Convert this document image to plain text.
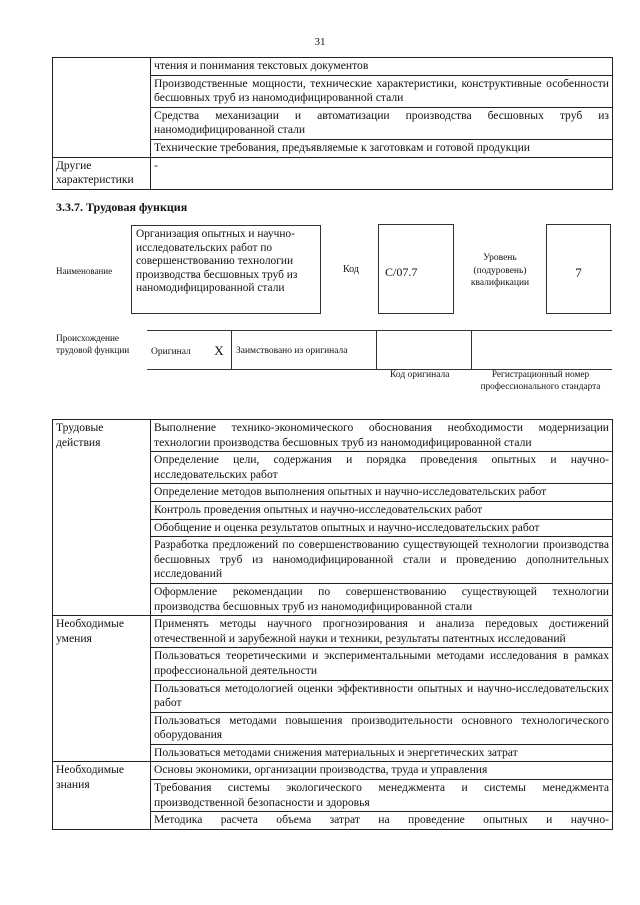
31
	чтения и понимания текстовых документов
	Производственные мощности, технические характеристики, конструктивные особенности бесшовных труб из наномодифицированной стали
	Средства механизации и автоматизации производства бесшовных труб из наномодифицированной стали
	Технические требования, предъявляемые к заготовкам и готовой продукции
Другие характеристики	-
3.3.7. Трудовая функция
Наименование
Организация опытных и научно-исследовательских работ по совершенствованию технологии производства бесшовных труб из наномодифицированной стали
Код	C/07.7
Уровень (подуровень) квалификации
7
Происхождение трудовой функции	Оригинал	X	Заимствовано из оригинала
Код оригинала	Регистрационный номер профессионального стандарта
Трудовые действия	Выполнение технико-экономического обоснования необходимости модернизации технологии производства бесшовных труб из наномодифицированной стали
	Определение цели, содержания и порядка проведения опытных и научно-исследовательских работ
	Определение методов выполнения опытных и научно-исследовательских работ
	Контроль проведения опытных и научно-исследовательских работ
	Обобщение и оценка результатов опытных и научно-исследовательских работ
	Разработка предложений по совершенствованию существующей технологии производства бесшовных труб из наномодифицированной стали и проведению дополнительных исследований
	Оформление рекомендации по совершенствованию существующей технологии производства бесшовных труб из наномодифицированной стали
Необходимые умения	Применять методы научного прогнозирования и анализа передовых достижений отечественной и зарубежной науки и техники, результаты патентных исследований
	Пользоваться теоретическими и экспериментальными методами исследования в рамках профессиональной деятельности
	Пользоваться методологией оценки эффективности опытных и научно-исследовательских работ
	Пользоваться методами повышения производительности основного технологического оборудования
	Пользоваться методами снижения материальных и энергетических затрат
Необходимые знания	Основы экономики, организации производства, труда и управления
	Требования системы экологического менеджмента и системы менеджмента производственной безопасности и здоровья
	Методика расчета объема затрат на проведение опытных и научно-
